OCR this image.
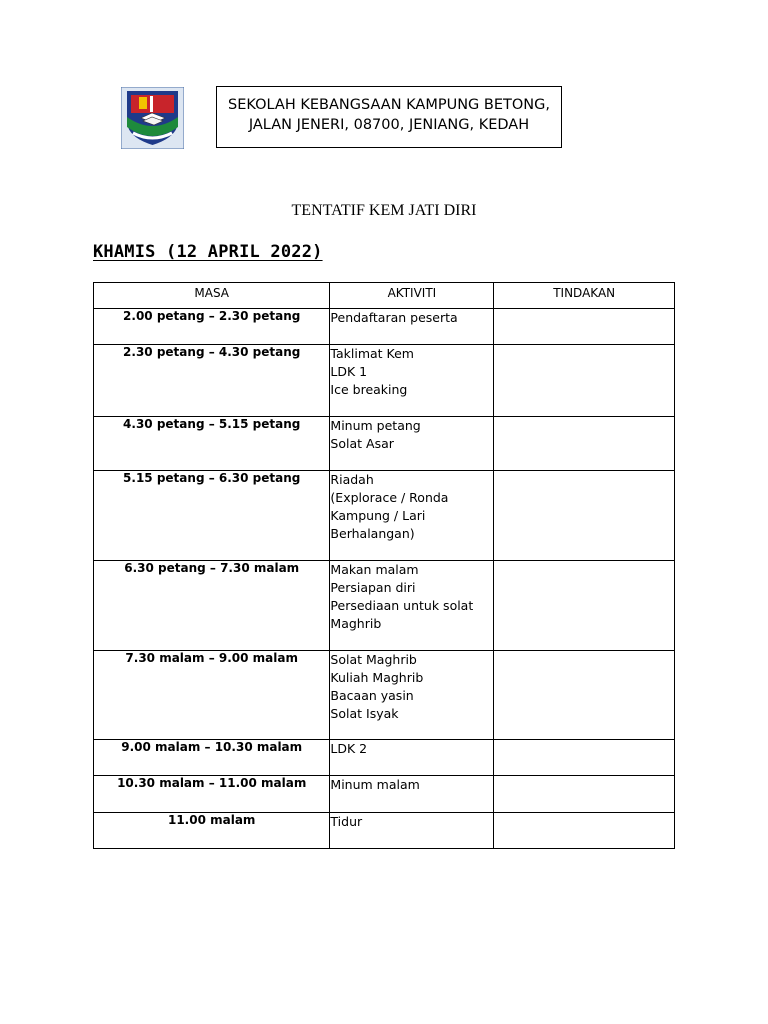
SEKOLAH KEBANGSAAN KAMPUNG BETONG,
JALAN JENERI, 08700, JENIANG, KEDAH
TENTATIF KEM JATI DIRI
KHAMIS (12 APRIL 2022)
MASA	AKTIVITI	TINDAKAN
2.00 petang – 2.30 petang	Pendaftaran peserta	

2.30 petang – 4.30 petang	Taklimat Kem
LDK 1
Ice breaking	

4.30 petang – 5.15 petang	Minum petang
Solat Asar	

5.15 petang – 6.30 petang	Riadah
(Explorace / Ronda
Kampung / Lari
Berhalangan)	

6.30 petang – 7.30 malam	Makan malam
Persiapan diri
Persediaan untuk solat
Maghrib	

7.30 malam – 9.00 malam	Solat Maghrib
Kuliah Maghrib
Bacaan yasin
Solat Isyak	

9.00 malam – 10.30 malam	LDK 2	

10.30 malam – 11.00 malam	Minum malam	

11.00 malam	Tidur	
